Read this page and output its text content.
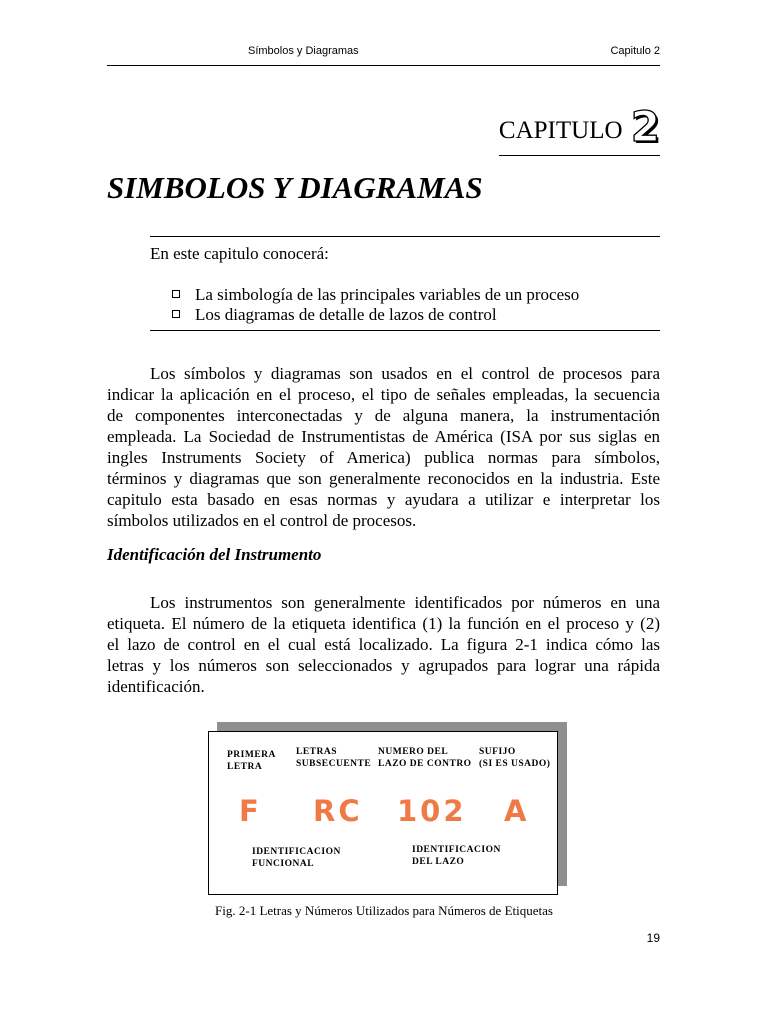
Símbolos y Diagramas	Capitulo 2
CAPITULO 2
SIMBOLOS Y DIAGRAMAS
En este capitulo conocerá:
La simbología de las principales variables de un proceso
Los diagramas de detalle de lazos de control
Los símbolos y diagramas son usados en el control de procesos para
indicar la aplicación en el proceso, el tipo de señales empleadas, la secuencia
de componentes interconectadas y de alguna manera, la instrumentación
empleada. La Sociedad de Instrumentistas de América (ISA por sus siglas en
ingles Instruments Society of America) publica normas para símbolos,
términos y diagramas que son generalmente reconocidos en la industria. Este
capitulo esta basado en esas normas y ayudara a utilizar e interpretar los
símbolos utilizados en el control de procesos.
Identificación del Instrumento
Los instrumentos son generalmente identificados por números en una
etiqueta. El número de la etiqueta identifica (1) la función en el proceso y (2)
el lazo de control en el cual está localizado. La figura 2-1 indica cómo las
letras y los números son seleccionados y agrupados para lograr una rápida
identificación.
PRIMERA
LETRA
LETRAS
SUBSECUENTE
NUMERO DEL
LAZO DE CONTRO
SUFIJO
(SI ES USADO)
F RC 102 A
IDENTIFICACION
FUNCIONAL
IDENTIFICACION
DEL LAZO
Fig. 2-1 Letras y Números Utilizados para Números de Etiquetas
19
